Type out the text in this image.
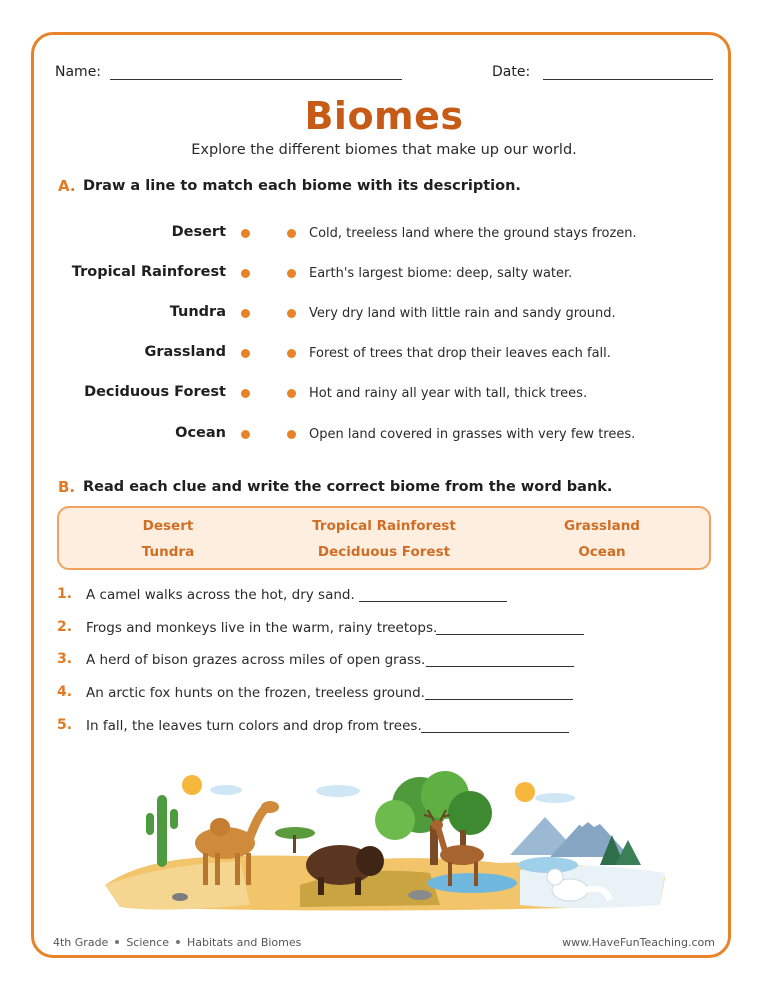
Name:	Date:
Biomes
Explore the different biomes that make up our world.
A. Draw a line to match each biome with its description.
Desert	Cold, treeless land where the ground stays frozen.
Tropical Rainforest	Earth's largest biome: deep, salty water.
Tundra	Very dry land with little rain and sandy ground.
Grassland	Forest of trees that drop their leaves each fall.
Deciduous Forest	Hot and rainy all year with tall, thick trees.
Ocean	Open land covered in grasses with very few trees.
B. Read each clue and write the correct biome from the word bank.
Desert	Tropical Rainforest	Grassland
Tundra	Deciduous Forest	Ocean
1. A camel walks across the hot, dry sand.
2. Frogs and monkeys live in the warm, rainy treetops.
3. A herd of bison grazes across miles of open grass.
4. An arctic fox hunts on the frozen, treeless ground.
5. In fall, the leaves turn colors and drop from trees.
4th Grade Science Habitats and Biomes	www.HaveFunTeaching.com
